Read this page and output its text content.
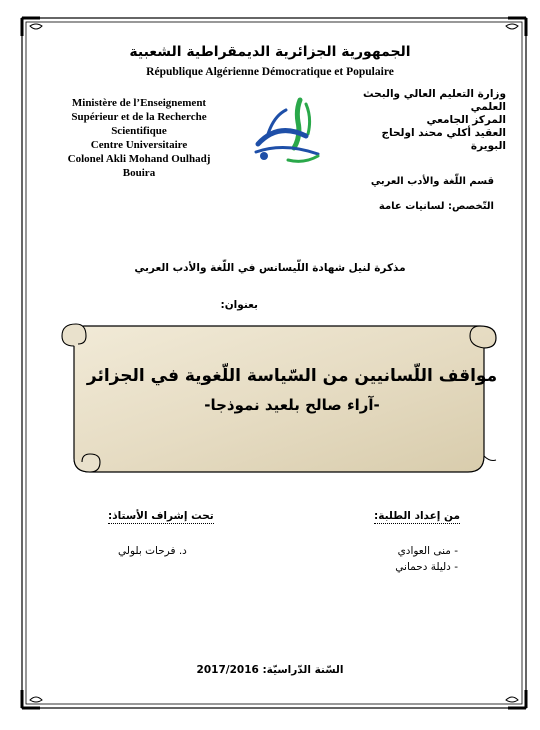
الجمهورية الجزائرية الديمقراطية الشعبية
République Algérienne Démocratique et Populaire
Ministère de l’Enseignement
Supérieur et de la Recherche
Scientifique
Centre Universitaire
Colonel Akli Mohand Oulhadj
Bouira
وزارة التعليم العالي والبحث العلمي
المركز الجامعي
العقيد أكلي محند اولحاج
البويرة
قسم اللّغة والأدب العربي
التّخصص: لسانيات عامة
مذكرة لنيل شهادة اللّيسانس في اللّغة والأدب العربي
بعنوان:
مواقف اللّسانيين من السّياسة اللّغوية في الجزائر
-آراء صالح بلعيد نموذجا-
من إعداد الطلبة:
تحت إشراف الأستاذ:
- منى العوادي
- دليلة دحماني
د. فرحات بلولي
السّنة الدّراسيّة: 2017/2016
